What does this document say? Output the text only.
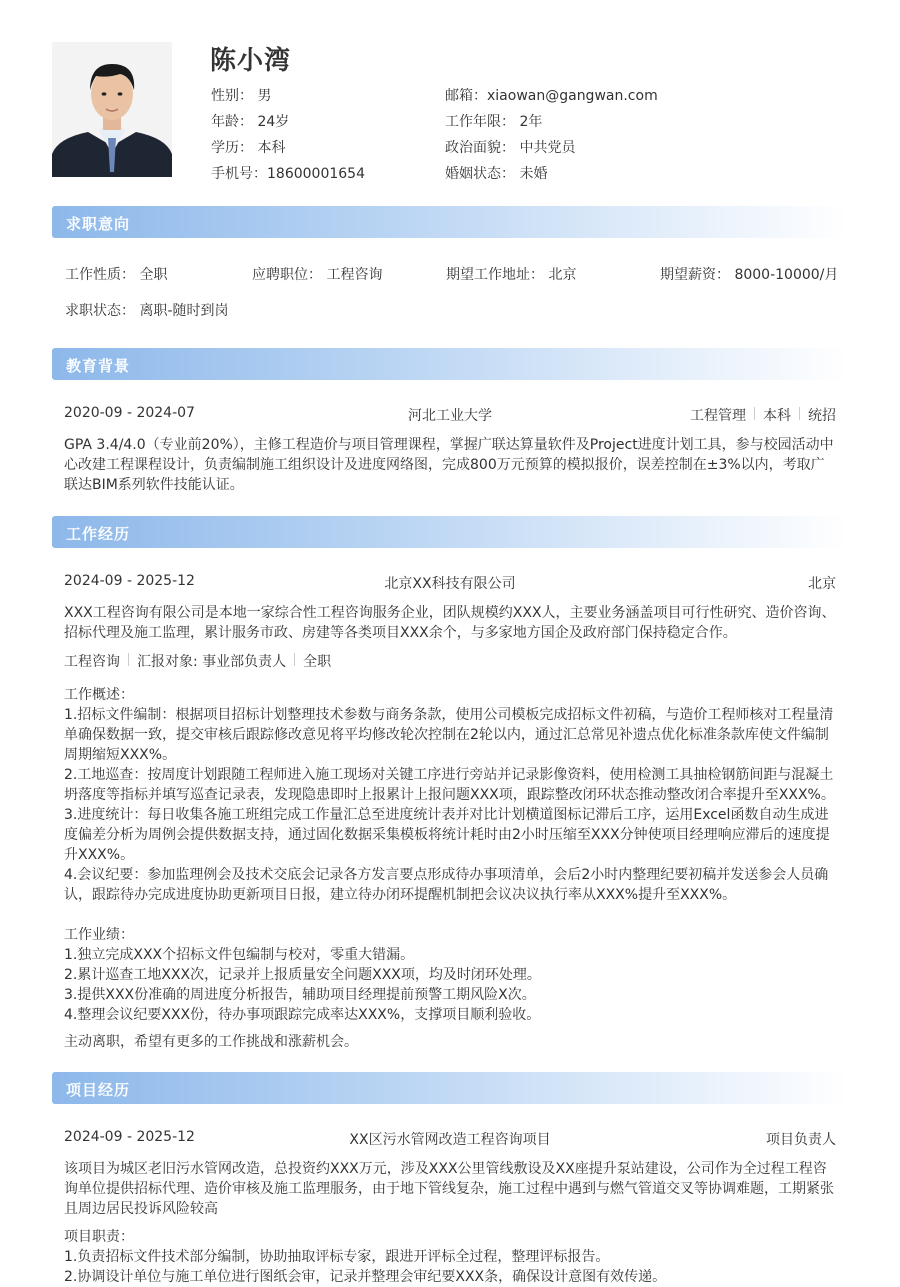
陈小湾
性别： 男	邮箱：xiaowan@gangwan.com
年龄： 24岁	工作年限： 2年
学历： 本科	政治面貌： 中共党员
手机号：18600001654	婚姻状态： 未婚
求职意向
工作性质： 全职	应聘职位： 工程咨询	期望工作地址： 北京	期望薪资： 8000-10000/月
求职状态： 离职-随时到岗
教育背景
2020-09 - 2024-07	河北工业大学	工程管理 本科 统招
GPA 3.4/4.0（专业前20%），主修工程造价与项目管理课程，掌握广联达算量软件及Project进度计划工具，参与校园活动中心改建工程课程设计，负责编制施工组织设计及进度网络图，完成800万元预算的模拟报价，误差控制在±3%以内，考取广联达BIM系列软件技能认证。
工作经历
2024-09 - 2025-12	北京XX科技有限公司	北京
XXX工程咨询有限公司是本地一家综合性工程咨询服务企业，团队规模约XXX人，主要业务涵盖项目可行性研究、造价咨询、招标代理及施工监理，累计服务市政、房建等各类项目XXX余个，与多家地方国企及政府部门保持稳定合作。
工程咨询 汇报对象: 事业部负责人 全职
工作概述：
1.招标文件编制：根据项目招标计划整理技术参数与商务条款，使用公司模板完成招标文件初稿，与造价工程师核对工程量清单确保数据一致，提交审核后跟踪修改意见将平均修改轮次控制在2轮以内，通过汇总常见补遗点优化标准条款库使文件编制周期缩短XXX%。
2.工地巡查：按周度计划跟随工程师进入施工现场对关键工序进行旁站并记录影像资料，使用检测工具抽检钢筋间距与混凝土坍落度等指标并填写巡查记录表，发现隐患即时上报累计上报问题XXX项，跟踪整改闭环状态推动整改闭合率提升至XXX%。
3.进度统计：每日收集各施工班组完成工作量汇总至进度统计表并对比计划横道图标记滞后工序，运用Excel函数自动生成进度偏差分析为周例会提供数据支持，通过固化数据采集模板将统计耗时由2小时压缩至XXX分钟使项目经理响应滞后的速度提升XXX%。
4.会议纪要：参加监理例会及技术交底会记录各方发言要点形成待办事项清单，会后2小时内整理纪要初稿并发送参会人员确认，跟踪待办完成进度协助更新项目日报，建立待办闭环提醒机制把会议决议执行率从XXX%提升至XXX%。
工作业绩：
1.独立完成XXX个招标文件包编制与校对，零重大错漏。
2.累计巡查工地XXX次，记录并上报质量安全问题XXX项，均及时闭环处理。
3.提供XXX份准确的周进度分析报告，辅助项目经理提前预警工期风险X次。
4.整理会议纪要XXX份，待办事项跟踪完成率达XXX%，支撑项目顺利验收。
主动离职，希望有更多的工作挑战和涨薪机会。
项目经历
2024-09 - 2025-12	XX区污水管网改造工程咨询项目	项目负责人
该项目为城区老旧污水管网改造，总投资约XXX万元，涉及XXX公里管线敷设及XX座提升泵站建设，公司作为全过程工程咨询单位提供招标代理、造价审核及施工监理服务，由于地下管线复杂，施工过程中遇到与燃气管道交叉等协调难题，工期紧张且周边居民投诉风险较高
项目职责：
1.负责招标文件技术部分编制，协助抽取评标专家，跟进开评标全过程，整理评标报告。
2.协调设计单位与施工单位进行图纸会审，记录并整理会审纪要XXX条，确保设计意图有效传递。
